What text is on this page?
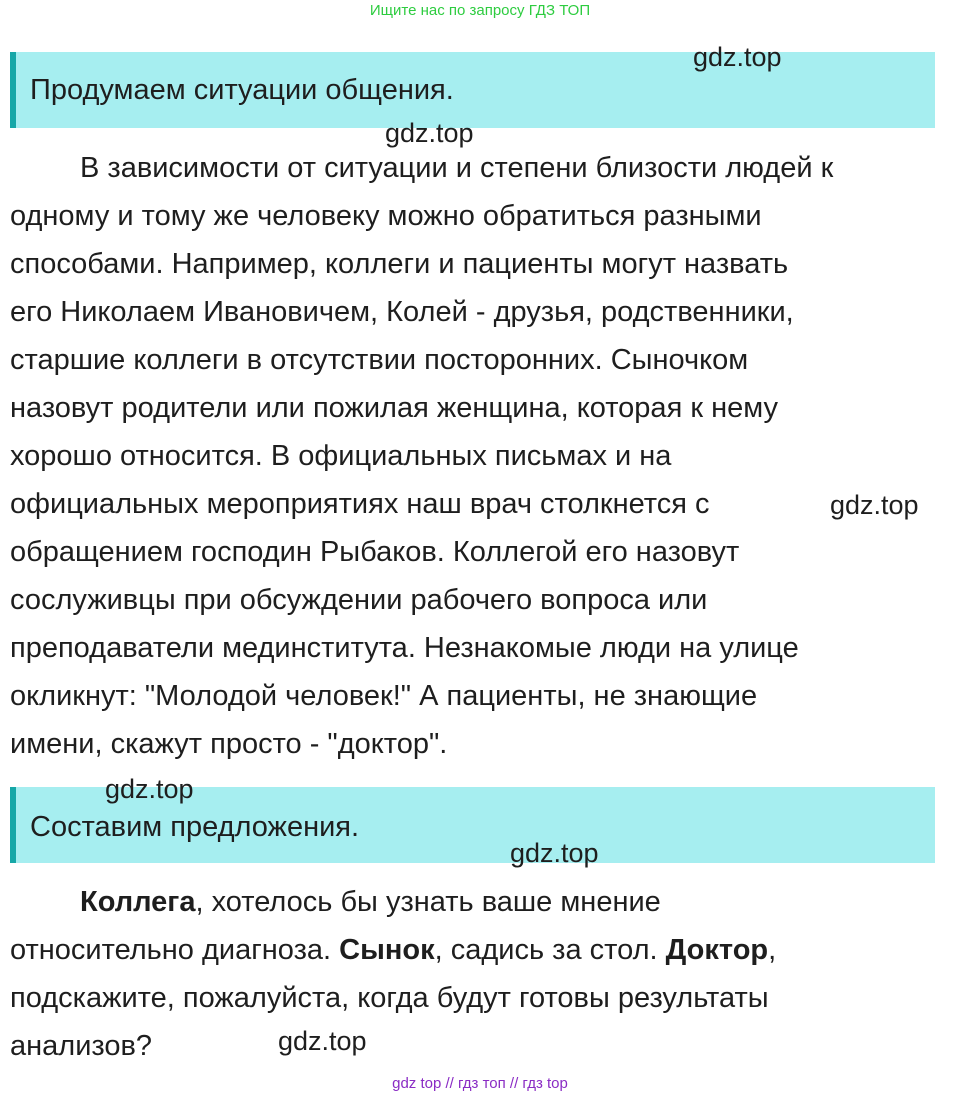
Ищите нас по запросу ГДЗ ТОП
Продумаем ситуации общения.
В зависимости от ситуации и степени близости людей к
одному и тому же человеку можно обратиться разными
способами. Например, коллеги и пациенты могут назвать
его Николаем Ивановичем, Колей - друзья, родственники,
старшие коллеги в отсутствии посторонних. Сыночком
назовут родители или пожилая женщина, которая к нему
хорошо относится. В официальных письмах и на
официальных мероприятиях наш врач столкнется с
обращением господин Рыбаков. Коллегой его назовут
сослуживцы при обсуждении рабочего вопроса или
преподаватели мединститута. Незнакомые люди на улице
окликнут: "Молодой человек!" А пациенты, не знающие
имени, скажут просто - "доктор".
Составим предложения.
Коллега, хотелось бы узнать ваше мнение
относительно диагноза. Сынок, садись за стол. Доктор,
подскажите, пожалуйста, когда будут готовы результаты
анализов?
gdz.top
gdz.top
gdz.top
gdz.top
gdz.top
gdz.top
gdz top // гдз топ // гдз top
